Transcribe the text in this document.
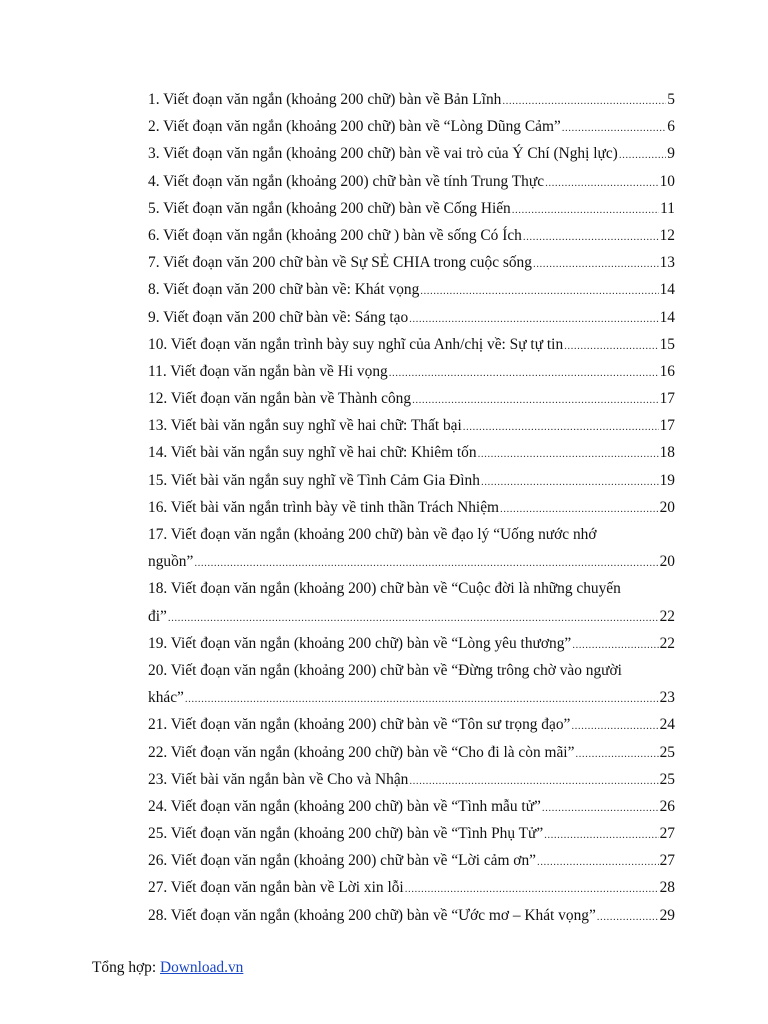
1. Viết đoạn văn ngắn (khoảng 200 chữ) bàn về Bản Lĩnh .....	5
2. Viết đoạn văn ngắn (khoảng 200 chữ) bàn về “Lòng Dũng Cảm” .....	6
3. Viết đoạn văn ngắn (khoảng 200 chữ) bàn về vai trò của Ý Chí (Nghị lực) .....	9
4. Viết đoạn văn ngắn (khoảng 200) chữ bàn về tính Trung Thực .....	10
5. Viết đoạn văn ngắn (khoảng 200 chữ) bàn về Cống Hiến .....	11
6. Viết đoạn văn ngắn (khoảng 200 chữ ) bàn về sống Có Ích .....	12
7. Viết đoạn văn 200 chữ bàn về Sự SẺ CHIA trong cuộc sống .....	13
8. Viết đoạn văn 200 chữ bàn về: Khát vọng .....	14
9. Viết đoạn văn 200 chữ bàn về: Sáng tạo .....	14
10. Viết đoạn văn ngắn trình bày suy nghĩ của Anh/chị về: Sự tự tin .....	15
11. Viết đoạn văn ngắn bàn về Hi vọng .....	16
12. Viết đoạn văn ngắn bàn về Thành công .....	17
13. Viết bài văn ngắn suy nghĩ về hai chữ: Thất bại .....	17
14. Viết bài văn ngắn suy nghĩ về hai chữ: Khiêm tốn .....	18
15. Viết bài văn ngắn suy nghĩ về Tình Cảm Gia Đình .....	19
16. Viết bài văn ngắn trình bày về tinh thần Trách Nhiệm .....	20
17. Viết đoạn văn ngắn (khoảng 200 chữ) bàn về đạo lý “Uống nước nhớ
nguồn” .....	20
18. Viết đoạn văn ngắn (khoảng 200) chữ bàn về “Cuộc đời là những chuyến
đi” .....	22
19. Viết đoạn văn ngắn (khoảng 200 chữ) bàn về “Lòng yêu thương” .....	22
20. Viết đoạn văn ngắn (khoảng 200) chữ bàn về “Đừng trông chờ vào người
khác” .....	23
21. Viết đoạn văn ngắn (khoảng 200) chữ bàn về “Tôn sư trọng đạo” .....	24
22. Viết đoạn văn ngắn (khoảng 200 chữ) bàn về “Cho đi là còn mãi” .....	25
23. Viết bài văn ngắn bàn về Cho và Nhận .....	25
24. Viết đoạn văn ngắn (khoảng 200 chữ) bàn về “Tình mẫu tử” .....	26
25. Viết đoạn văn ngắn (khoảng 200 chữ) bàn về “Tình Phụ Tử” .....	27
26. Viết đoạn văn ngắn (khoảng 200) chữ bàn về “Lời cảm ơn” .....	27
27. Viết đoạn văn ngắn bàn về Lời xin lỗi .....	28
28. Viết đoạn văn ngắn (khoảng 200 chữ) bàn về “Ước mơ – Khát vọng” .....	29
Tổng hợp: Download.vn
